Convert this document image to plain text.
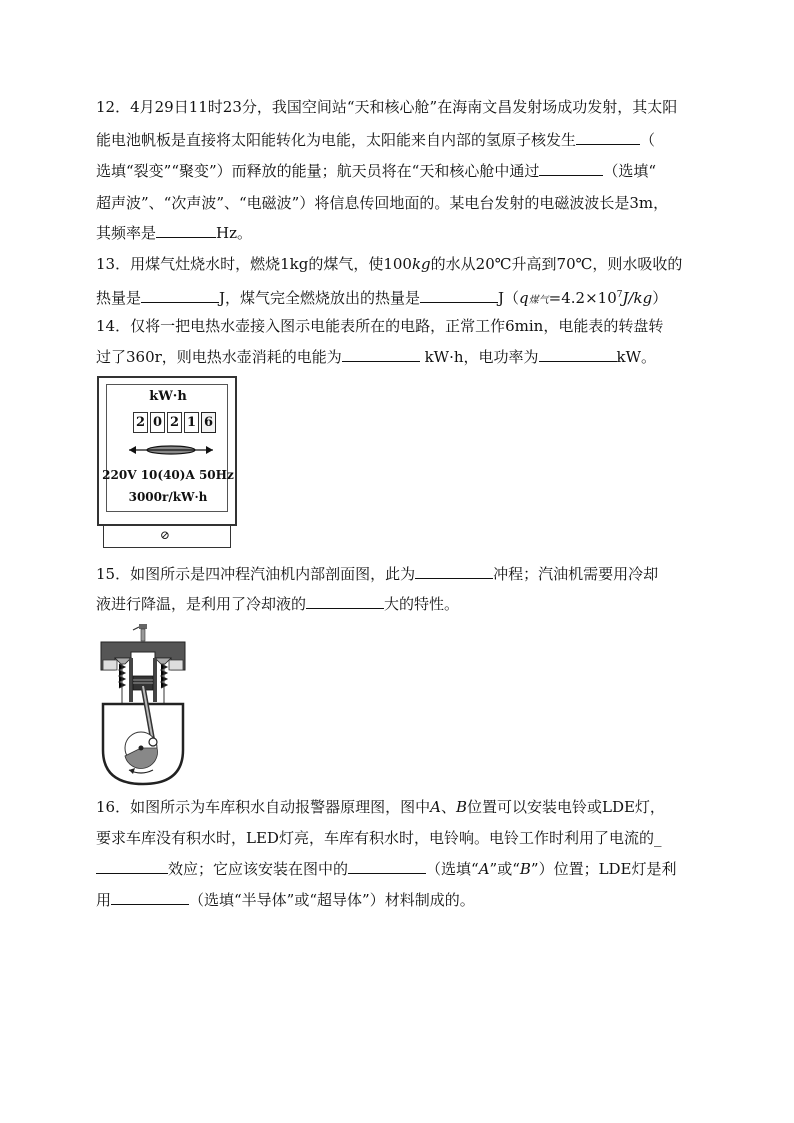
12．4月29日11时23分，我国空间站“天和核心舱”在海南文昌发射场成功发射，其太阳
能电池帆板是直接将太阳能转化为电能，太阳能来自内部的氢原子核发生	（
选填“裂变”“聚变”）而释放的能量；航天员将在“天和核心舱中通过	（选填“
超声波”、“次声波”、“电磁波”）将信息传回地面的。某电台发射的电磁波波长是3m，
其频率是	Hz。
13．用煤气灶烧水时，燃烧1kg的煤气，使100kg的水从20℃升高到70℃，则水吸收的
热量是	J，煤气完全燃烧放出的热量是	J（q煤气$=4.2\times 10^7J/kg$）
14．仅将一把电热水壶接入图示电能表所在的电路，正常工作6min，电能表的转盘转
过了360r，则电热水壶消耗的电能为	kW·h，电功率为	kW。
kW·h
2 0 2 1 6
220V 10(40)A 50Hz
3000r/kW·h
⊘
15．如图所示是四冲程汽油机内部剖面图，此为	冲程；汽油机需要用冷却
液进行降温，是利用了冷却液的	大的特性。
16．如图所示为车库积水自动报警器原理图，图中A、B位置可以安装电铃或LDE灯，
要求车库没有积水时，LED灯亮，车库有积水时，电铃响。电铃工作时利用了电流的_
效应；它应该安装在图中的	（选填“A”或“B”）位置；LDE灯是利
用	（选填“半导体”或“超导体”）材料制成的。
